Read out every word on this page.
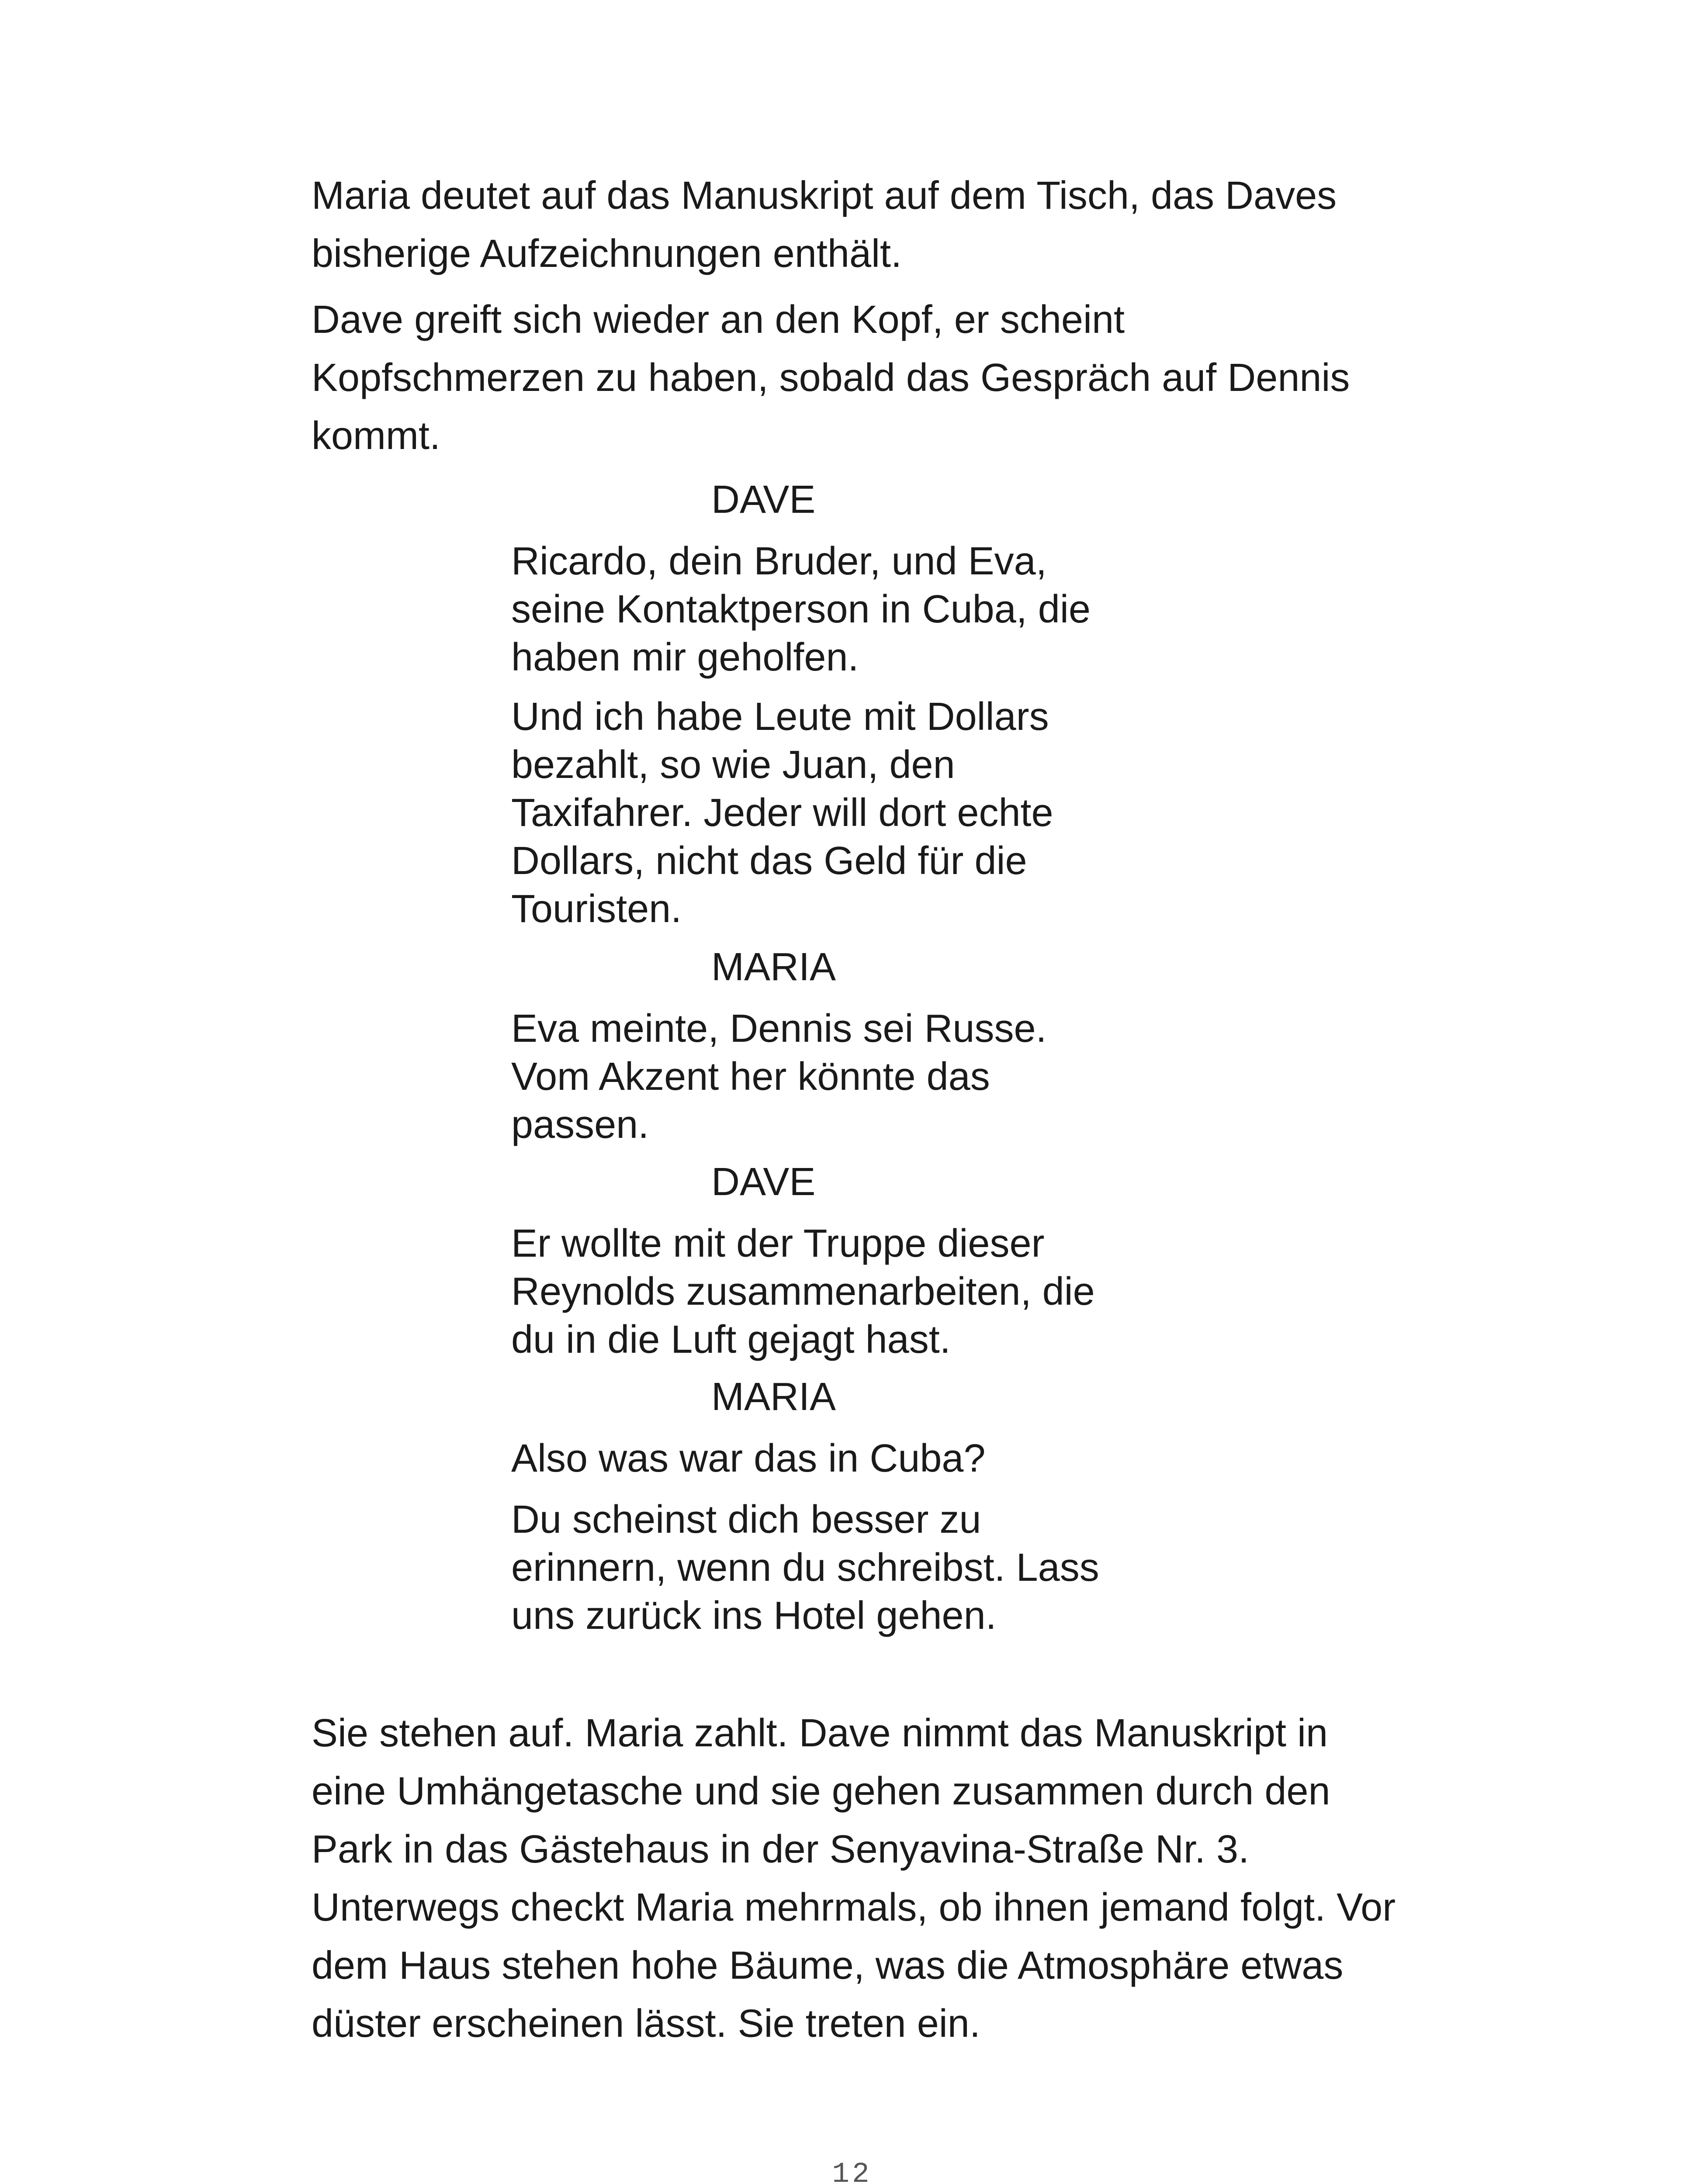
Maria deutet auf das Manuskript auf dem Tisch, das Daves
bisherige Aufzeichnungen enthält.
Dave greift sich wieder an den Kopf, er scheint
Kopfschmerzen zu haben, sobald das Gespräch auf Dennis
kommt.
DAVE
Ricardo, dein Bruder, und Eva,
seine Kontaktperson in Cuba, die
haben mir geholfen.
Und ich habe Leute mit Dollars
bezahlt, so wie Juan, den
Taxifahrer. Jeder will dort echte
Dollars, nicht das Geld für die
Touristen.
MARIA
Eva meinte, Dennis sei Russe.
Vom Akzent her könnte das
passen.
DAVE
Er wollte mit der Truppe dieser
Reynolds zusammenarbeiten, die
du in die Luft gejagt hast.
MARIA
Also was war das in Cuba?
Du scheinst dich besser zu
erinnern, wenn du schreibst. Lass
uns zurück ins Hotel gehen.
Sie stehen auf. Maria zahlt. Dave nimmt das Manuskript in
eine Umhängetasche und sie gehen zusammen durch den
Park in das Gästehaus in der Senyavina-Straße Nr. 3.
Unterwegs checkt Maria mehrmals, ob ihnen jemand folgt. Vor
dem Haus stehen hohe Bäume, was die Atmosphäre etwas
düster erscheinen lässt. Sie treten ein.
12
